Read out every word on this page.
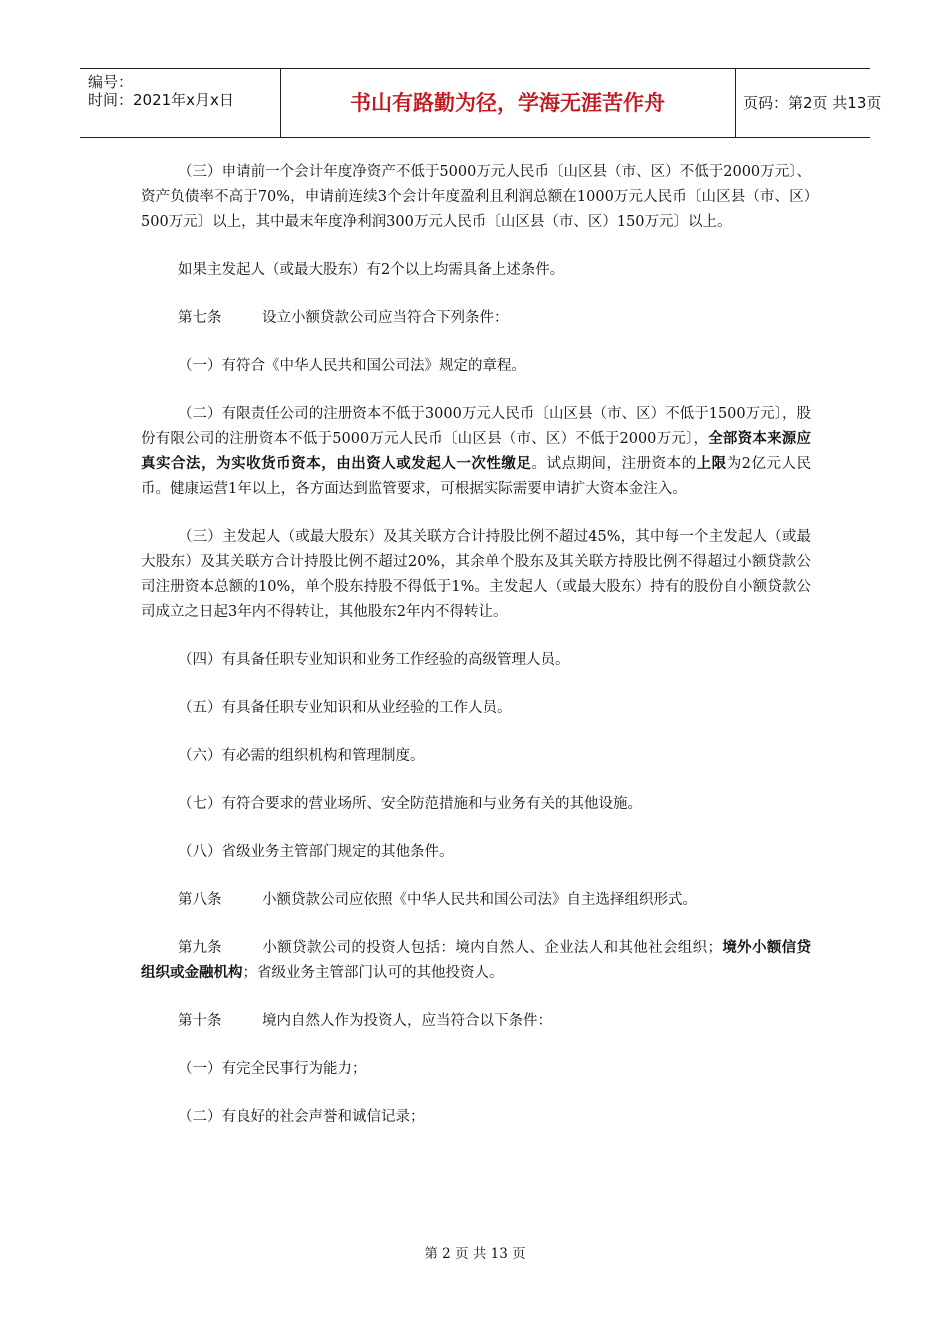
编号：
时间：2021年x月x日	书山有路勤为径，学海无涯苦作舟	页码：第2页 共13页

（三）申请前一个会计年度净资产不低于5000万元人民币〔山区县（市、区）不低于2000万元〕、资产负债率不高于70%，申请前连续3个会计年度盈利且利润总额在1000万元人民币〔山区县（市、区）500万元〕以上，其中最末年度净利润300万元人民币〔山区县（市、区）150万元〕以上。

如果主发起人（或最大股东）有2个以上均需具备上述条件。

第七条	设立小额贷款公司应当符合下列条件：

（一）有符合《中华人民共和国公司法》规定的章程。

（二）有限责任公司的注册资本不低于3000万元人民币〔山区县（市、区）不低于1500万元〕，股份有限公司的注册资本不低于5000万元人民币〔山区县（市、区）不低于2000万元〕，全部资本来源应真实合法，为实收货币资本，由出资人或发起人一次性缴足。试点期间，注册资本的上限为2亿元人民币。健康运营1年以上，各方面达到监管要求，可根据实际需要申请扩大资本金注入。

（三）主发起人（或最大股东）及其关联方合计持股比例不超过45%，其中每一个主发起人（或最大股东）及其关联方合计持股比例不超过20%，其余单个股东及其关联方持股比例不得超过小额贷款公司注册资本总额的10%，单个股东持股不得低于1%。主发起人（或最大股东）持有的股份自小额贷款公司成立之日起3年内不得转让，其他股东2年内不得转让。

（四）有具备任职专业知识和业务工作经验的高级管理人员。

（五）有具备任职专业知识和从业经验的工作人员。

（六）有必需的组织机构和管理制度。

（七）有符合要求的营业场所、安全防范措施和与业务有关的其他设施。

（八）省级业务主管部门规定的其他条件。

第八条	小额贷款公司应依照《中华人民共和国公司法》自主选择组织形式。

第九条	小额贷款公司的投资人包括：境内自然人、企业法人和其他社会组织；境外小额信贷组织或金融机构；省级业务主管部门认可的其他投资人。

第十条	境内自然人作为投资人，应当符合以下条件：

（一）有完全民事行为能力；

（二）有良好的社会声誉和诚信记录；

第 2 页 共 13 页
